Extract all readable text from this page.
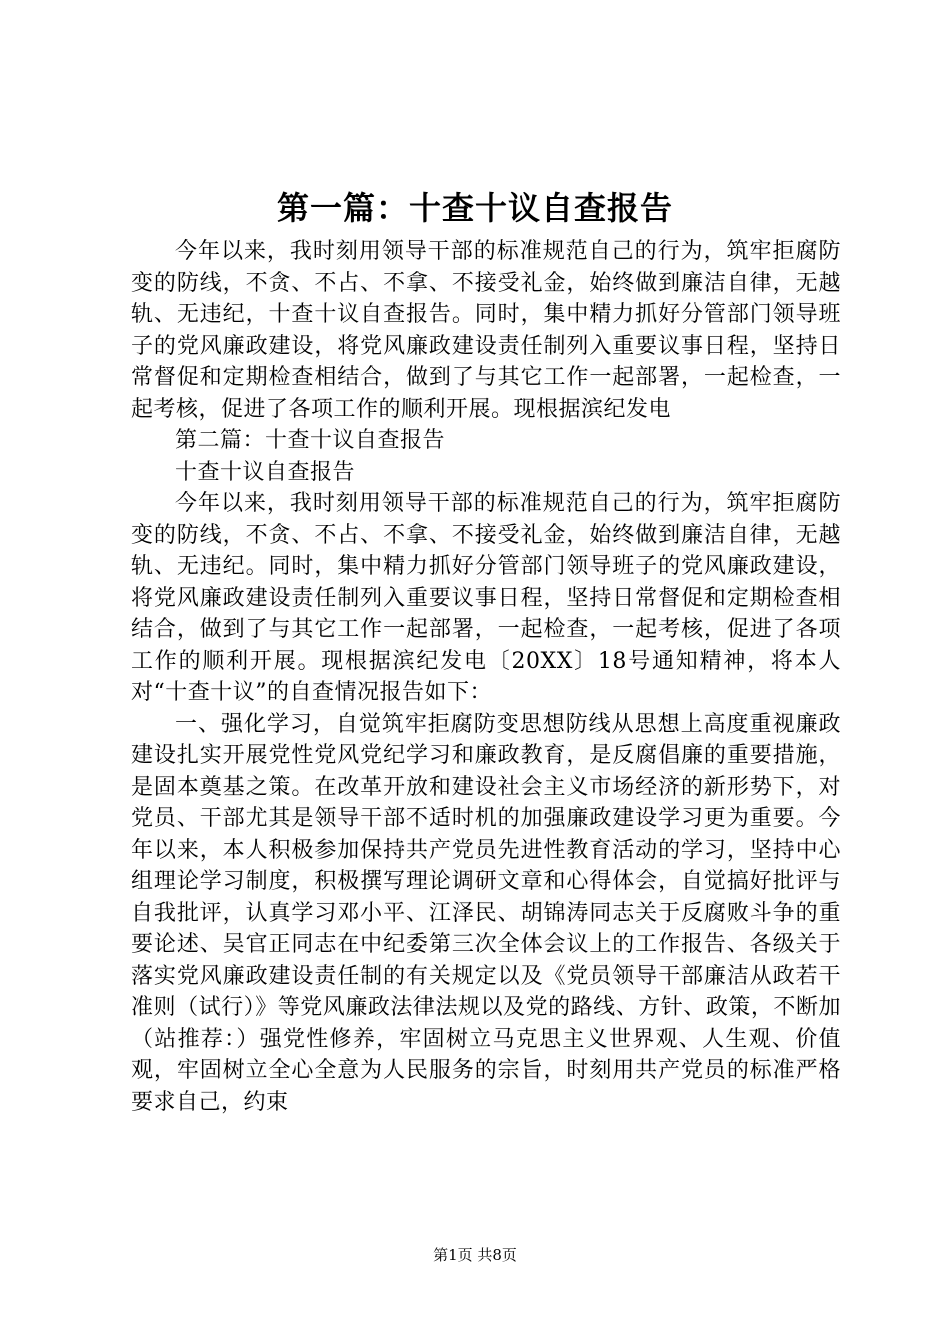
第一篇：十查十议自查报告

今年以来，我时刻用领导干部的标准规范自己的行为，筑牢拒腐防变的防线，不贪、不占、不拿、不接受礼金，始终做到廉洁自律，无越轨、无违纪，十查十议自查报告。同时，集中精力抓好分管部门领导班子的党风廉政建设，将党风廉政建设责任制列入重要议事日程，坚持日常督促和定期检查相结合，做到了与其它工作一起部署，一起检查，一起考核，促进了各项工作的顺利开展。现根据滨纪发电

第二篇：十查十议自查报告

十查十议自查报告

今年以来，我时刻用领导干部的标准规范自己的行为，筑牢拒腐防变的防线，不贪、不占、不拿、不接受礼金，始终做到廉洁自律，无越轨、无违纪。同时，集中精力抓好分管部门领导班子的党风廉政建设，将党风廉政建设责任制列入重要议事日程，坚持日常督促和定期检查相结合，做到了与其它工作一起部署，一起检查，一起考核，促进了各项工作的顺利开展。现根据滨纪发电〔20XX〕18号通知精神，将本人对“十查十议”的自查情况报告如下：

一、强化学习，自觉筑牢拒腐防变思想防线从思想上高度重视廉政建设扎实开展党性党风党纪学习和廉政教育，是反腐倡廉的重要措施，是固本奠基之策。在改革开放和建设社会主义市场经济的新形势下，对党员、干部尤其是领导干部不适时机的加强廉政建设学习更为重要。今年以来，本人积极参加保持共产党员先进性教育活动的学习，坚持中心组理论学习制度，积极撰写理论调研文章和心得体会，自觉搞好批评与自我批评，认真学习邓小平、江泽民、胡锦涛同志关于反腐败斗争的重要论述、吴官正同志在中纪委第三次全体会议上的工作报告、各级关于落实党风廉政建设责任制的有关规定以及《党员领导干部廉洁从政若干准则（试行）》等党风廉政法律法规以及党的路线、方针、政策，不断加（站推荐：）强党性修养，牢固树立马克思主义世界观、人生观、价值观，牢固树立全心全意为人民服务的宗旨，时刻用共产党员的标准严格要求自己，约束

第1页 共8页
